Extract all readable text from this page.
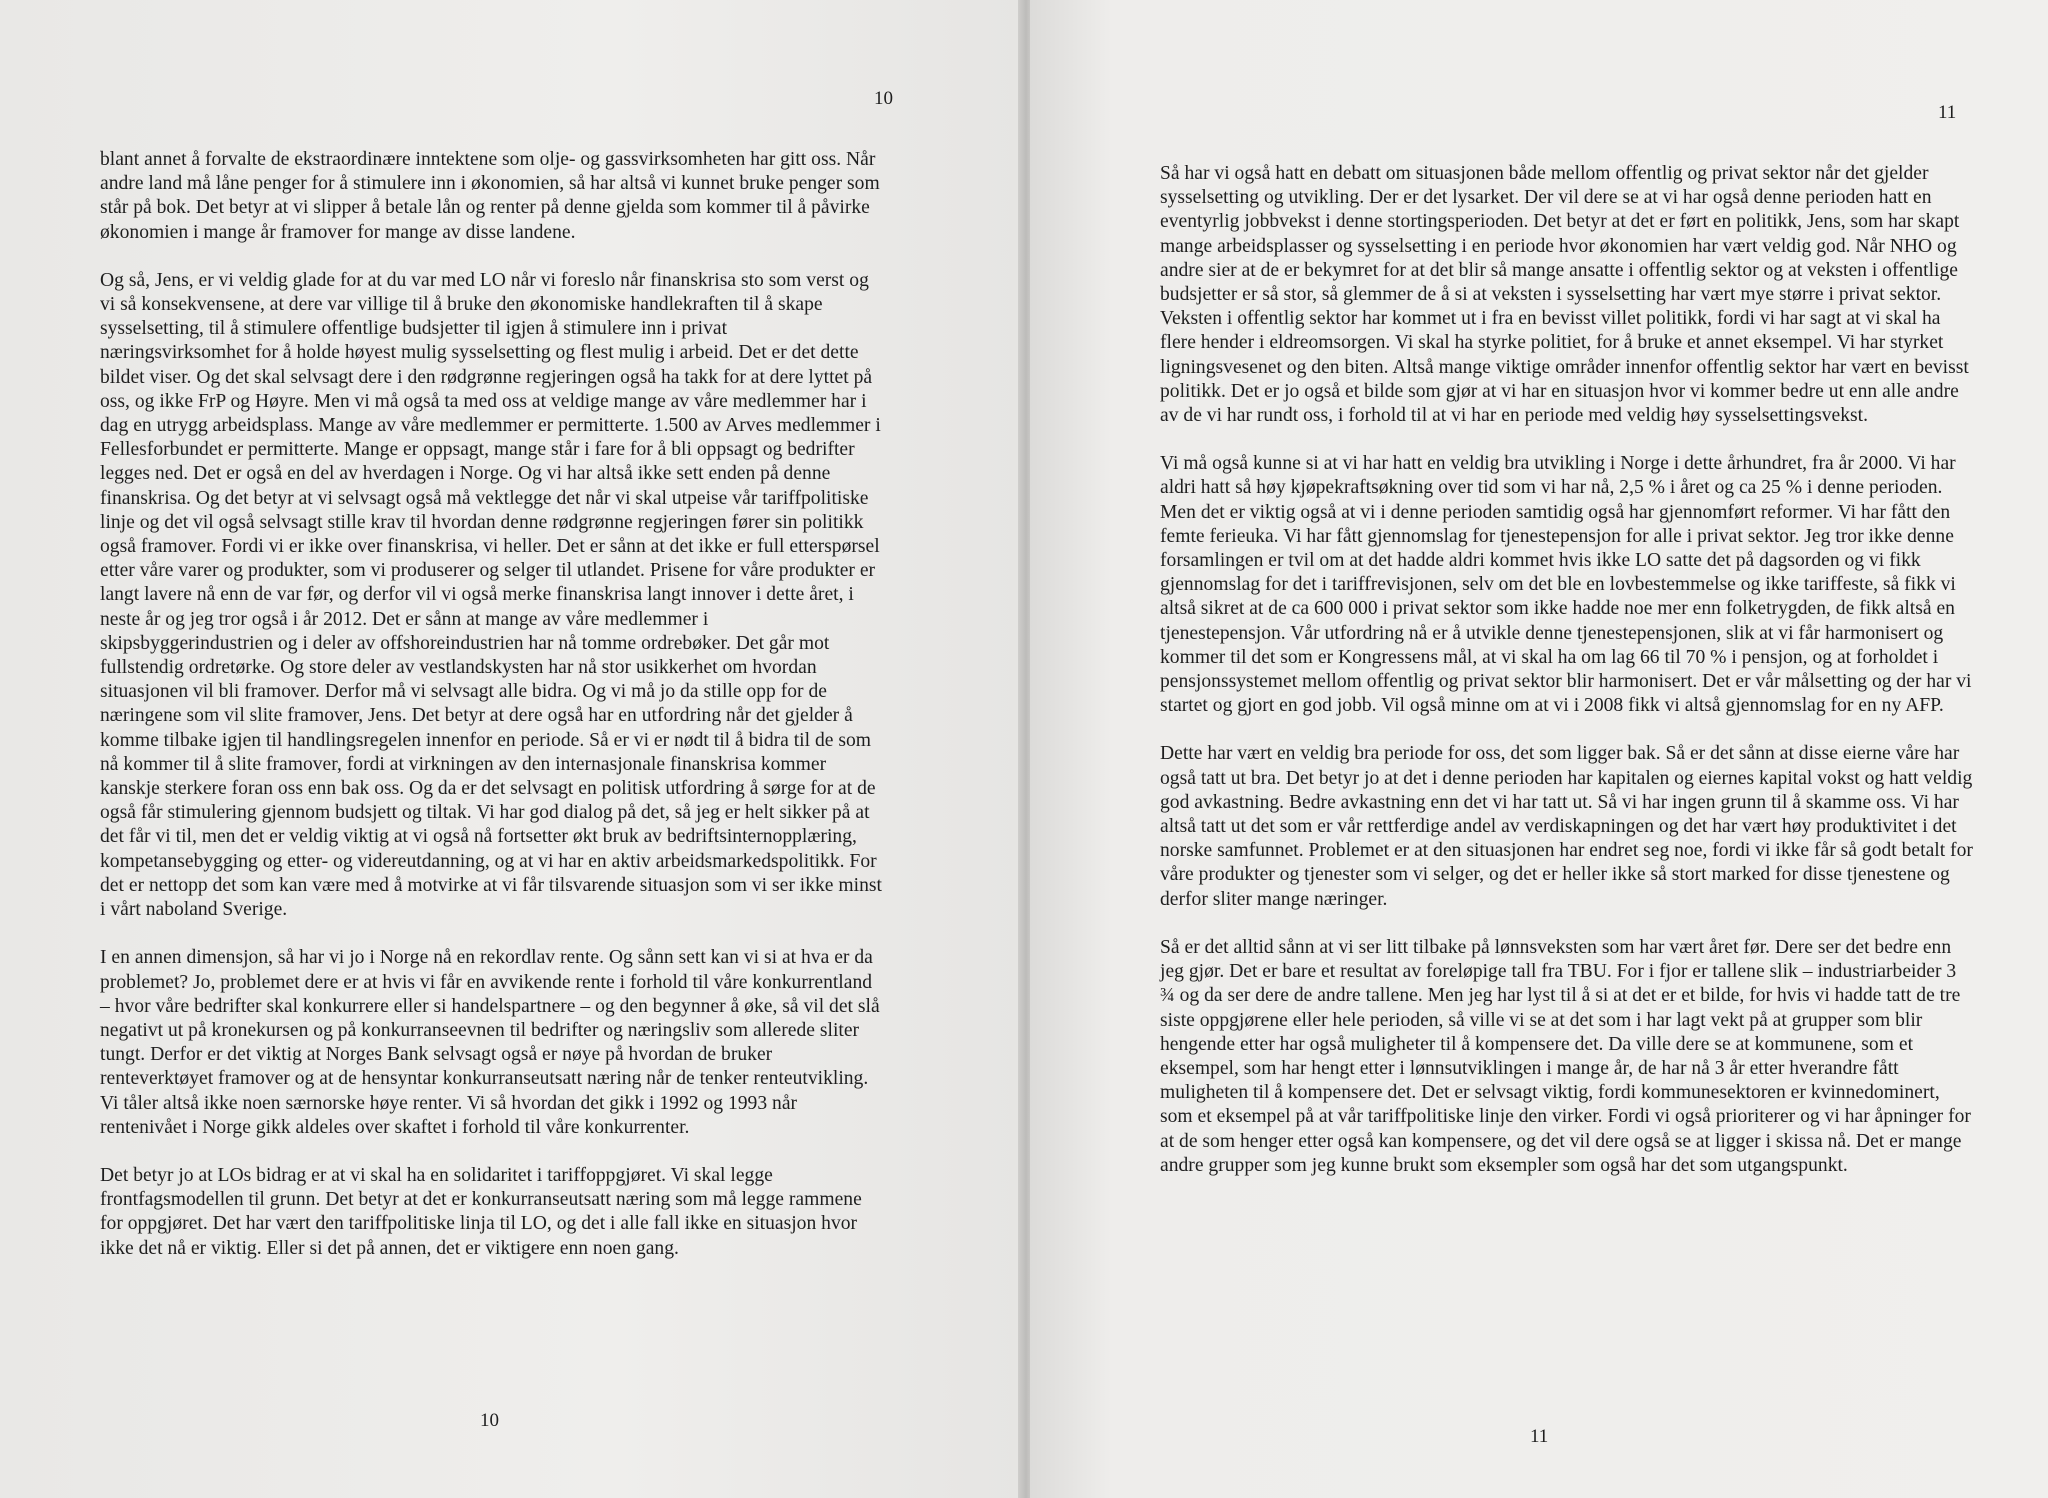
10

blant annet å forvalte de ekstraordinære inntektene som olje- og gassvirksomheten har gitt oss. Når andre land må låne penger for å stimulere inn i økonomien, så har altså vi kunnet bruke penger som står på bok. Det betyr at vi slipper å betale lån og renter på denne gjelda som kommer til å påvirke økonomien i mange år framover for mange av disse landene.

Og så, Jens, er vi veldig glade for at du var med LO når vi foreslo når finanskrisa sto som verst og vi så konsekvensene, at dere var villige til å bruke den økonomiske handlekraften til å skape sysselsetting, til å stimulere offentlige budsjetter til igjen å stimulere inn i privat næringsvirksomhet for å holde høyest mulig sysselsetting og flest mulig i arbeid. Det er det dette bildet viser. Og det skal selvsagt dere i den rødgrønne regjeringen også ha takk for at dere lyttet på oss, og ikke FrP og Høyre. Men vi må også ta med oss at veldige mange av våre medlemmer har i dag en utrygg arbeidsplass. Mange av våre medlemmer er permitterte. 1.500 av Arves medlemmer i Fellesforbundet er permitterte. Mange er oppsagt, mange står i fare for å bli oppsagt og bedrifter legges ned. Det er også en del av hverdagen i Norge. Og vi har altså ikke sett enden på denne finanskrisa. Og det betyr at vi selvsagt også må vektlegge det når vi skal utpeise vår tariffpolitiske linje og det vil også selvsagt stille krav til hvordan denne rødgrønne regjeringen fører sin politikk også framover. Fordi vi er ikke over finanskrisa, vi heller. Det er sånn at det ikke er full etterspørsel etter våre varer og produkter, som vi produserer og selger til utlandet. Prisene for våre produkter er langt lavere nå enn de var før, og derfor vil vi også merke finanskrisa langt innover i dette året, i neste år og jeg tror også i år 2012. Det er sånn at mange av våre medlemmer i skipsbyggerindustrien og i deler av offshoreindustrien har nå tomme ordrebøker. Det går mot fullstendig ordretørke. Og store deler av vestlandskysten har nå stor usikkerhet om hvordan situasjonen vil bli framover. Derfor må vi selvsagt alle bidra. Og vi må jo da stille opp for de næringene som vil slite framover, Jens. Det betyr at dere også har en utfordring når det gjelder å komme tilbake igjen til handlingsregelen innenfor en periode. Så er vi er nødt til å bidra til de som nå kommer til å slite framover, fordi at virkningen av den internasjonale finanskrisa kommer kanskje sterkere foran oss enn bak oss. Og da er det selvsagt en politisk utfordring å sørge for at de også får stimulering gjennom budsjett og tiltak. Vi har god dialog på det, så jeg er helt sikker på at det får vi til, men det er veldig viktig at vi også nå fortsetter økt bruk av bedriftsinternopplæring, kompetansebygging og etter- og videreutdanning, og at vi har en aktiv arbeidsmarkedspolitikk. For det er nettopp det som kan være med å motvirke at vi får tilsvarende situasjon som vi ser ikke minst i vårt naboland Sverige.

I en annen dimensjon, så har vi jo i Norge nå en rekordlav rente. Og sånn sett kan vi si at hva er da problemet? Jo, problemet dere er at hvis vi får en avvikende rente i forhold til våre konkurrentland – hvor våre bedrifter skal konkurrere eller si handelspartnere – og den begynner å øke, så vil det slå negativt ut på kronekursen og på konkurranseevnen til bedrifter og næringsliv som allerede sliter tungt. Derfor er det viktig at Norges Bank selvsagt også er nøye på hvordan de bruker renteverktøyet framover og at de hensyntar konkurranseutsatt næring når de tenker renteutvikling. Vi tåler altså ikke noen særnorske høye renter. Vi så hvordan det gikk i 1992 og 1993 når rentenivået i Norge gikk aldeles over skaftet i forhold til våre konkurrenter.

Det betyr jo at LOs bidrag er at vi skal ha en solidaritet i tariffoppgjøret. Vi skal legge frontfagsmodellen til grunn. Det betyr at det er konkurranseutsatt næring som må legge rammene for oppgjøret. Det har vært den tariffpolitiske linja til LO, og det i alle fall ikke en situasjon hvor ikke det nå er viktig. Eller si det på annen, det er viktigere enn noen gang.

10
11

Så har vi også hatt en debatt om situasjonen både mellom offentlig og privat sektor når det gjelder sysselsetting og utvikling. Der er det lysarket. Der vil dere se at vi har også denne perioden hatt en eventyrlig jobbvekst i denne stortingsperioden. Det betyr at det er ført en politikk, Jens, som har skapt mange arbeidsplasser og sysselsetting i en periode hvor økonomien har vært veldig god. Når NHO og andre sier at de er bekymret for at det blir så mange ansatte i offentlig sektor og at veksten i offentlige budsjetter er så stor, så glemmer de å si at veksten i sysselsetting har vært mye større i privat sektor. Veksten i offentlig sektor har kommet ut i fra en bevisst villet politikk, fordi vi har sagt at vi skal ha flere hender i eldreomsorgen. Vi skal ha styrke politiet, for å bruke et annet eksempel. Vi har styrket ligningsvesenet og den biten. Altså mange viktige områder innenfor offentlig sektor har vært en bevisst politikk. Det er jo også et bilde som gjør at vi har en situasjon hvor vi kommer bedre ut enn alle andre av de vi har rundt oss, i forhold til at vi har en periode med veldig høy sysselsettingsvekst.

Vi må også kunne si at vi har hatt en veldig bra utvikling i Norge i dette århundret, fra år 2000. Vi har aldri hatt så høy kjøpekraftsøkning over tid som vi har nå, 2,5 % i året og ca 25 % i denne perioden. Men det er viktig også at vi i denne perioden samtidig også har gjennomført reformer. Vi har fått den femte ferieuka. Vi har fått gjennomslag for tjenestepensjon for alle i privat sektor. Jeg tror ikke denne forsamlingen er tvil om at det hadde aldri kommet hvis ikke LO satte det på dagsorden og vi fikk gjennomslag for det i tariffrevisjonen, selv om det ble en lovbestemmelse og ikke tariffeste, så fikk vi altså sikret at de ca 600 000 i privat sektor som ikke hadde noe mer enn folketrygden, de fikk altså en tjenestepensjon. Vår utfordring nå er å utvikle denne tjenestepensjonen, slik at vi får harmonisert og kommer til det som er Kongressens mål, at vi skal ha om lag 66 til 70 % i pensjon, og at forholdet i pensjonssystemet mellom offentlig og privat sektor blir harmonisert. Det er vår målsetting og der har vi startet og gjort en god jobb. Vil også minne om at vi i 2008 fikk vi altså gjennomslag for en ny AFP.

Dette har vært en veldig bra periode for oss, det som ligger bak. Så er det sånn at disse eierne våre har også tatt ut bra. Det betyr jo at det i denne perioden har kapitalen og eiernes kapital vokst og hatt veldig god avkastning. Bedre avkastning enn det vi har tatt ut. Så vi har ingen grunn til å skamme oss. Vi har altså tatt ut det som er vår rettferdige andel av verdiskapningen og det har vært høy produktivitet i det norske samfunnet. Problemet er at den situasjonen har endret seg noe, fordi vi ikke får så godt betalt for våre produkter og tjenester som vi selger, og det er heller ikke så stort marked for disse tjenestene og derfor sliter mange næringer.

Så er det alltid sånn at vi ser litt tilbake på lønnsveksten som har vært året før. Dere ser det bedre enn jeg gjør. Det er bare et resultat av foreløpige tall fra TBU. For i fjor er tallene slik – industriarbeider 3 ¾ og da ser dere de andre tallene. Men jeg har lyst til å si at det er et bilde, for hvis vi hadde tatt de tre siste oppgjørene eller hele perioden, så ville vi se at det som i har lagt vekt på at grupper som blir hengende etter har også muligheter til å kompensere det. Da ville dere se at kommunene, som et eksempel, som har hengt etter i lønnsutviklingen i mange år, de har nå 3 år etter hverandre fått muligheten til å kompensere det. Det er selvsagt viktig, fordi kommunesektoren er kvinnedominert, som et eksempel på at vår tariffpolitiske linje den virker. Fordi vi også prioriterer og vi har åpninger for at de som henger etter også kan kompensere, og det vil dere også se at ligger i skissa nå. Det er mange andre grupper som jeg kunne brukt som eksempler som også har det som utgangspunkt.

11
